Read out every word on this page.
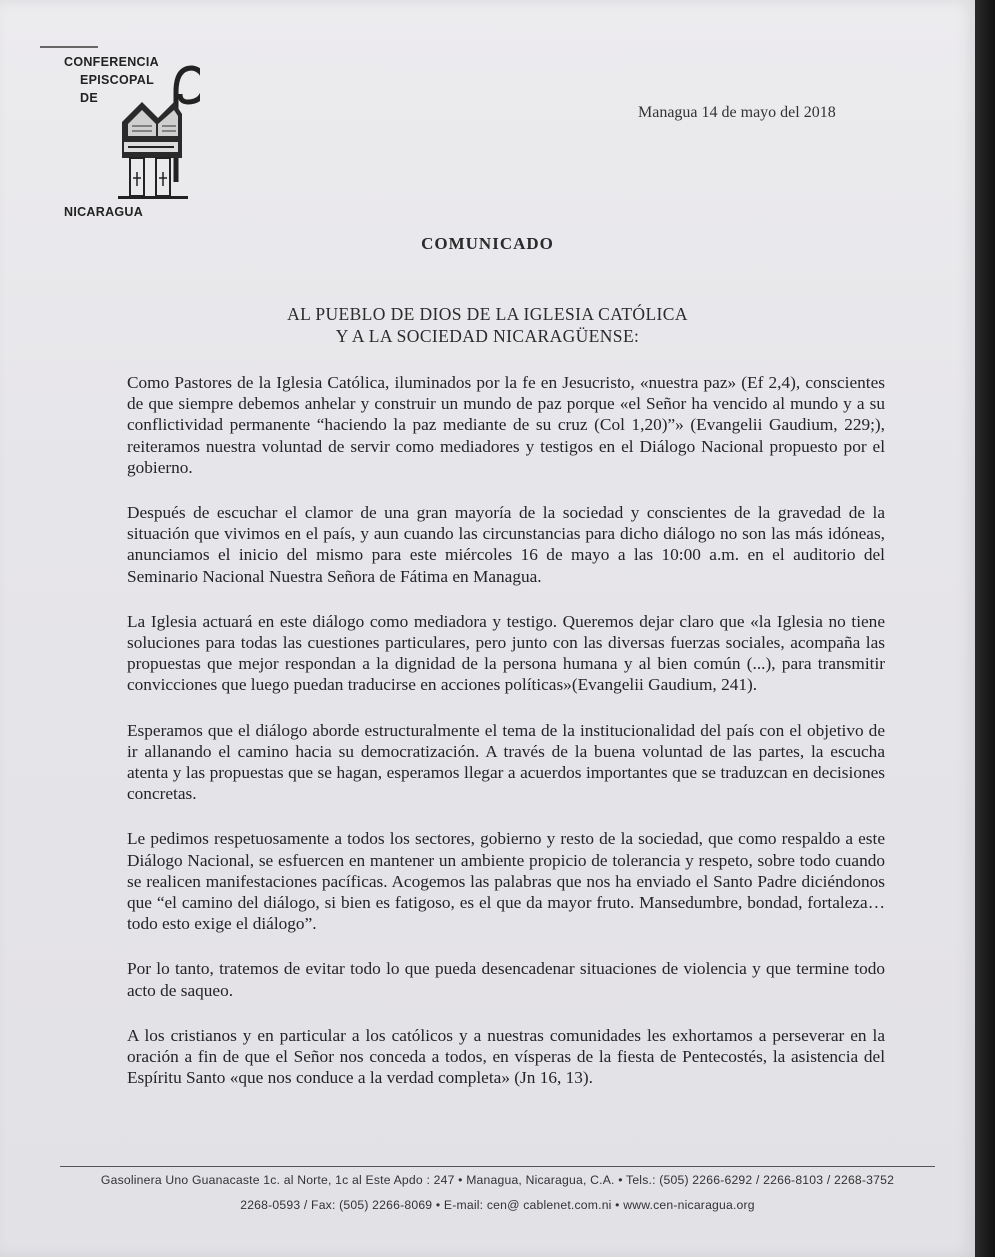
CONFERENCIA
EPISCOPAL
DE
NICARAGUA
Managua 14 de mayo del 2018
COMUNICADO
AL PUEBLO DE DIOS DE LA IGLESIA CATÓLICA
Y A LA SOCIEDAD NICARAGÜENSE:

Como Pastores de la Iglesia Católica, iluminados por la fe en Jesucristo, «nuestra paz» (Ef 2,4), conscientes de que siempre debemos anhelar y construir un mundo de paz porque «el Señor ha vencido al mundo y a su conflictividad permanente “haciendo la paz mediante de su cruz (Col 1,20)”» (Evangelii Gaudium, 229;), reiteramos nuestra voluntad de servir como mediadores y testigos en el Diálogo Nacional propuesto por el gobierno.

Después de escuchar el clamor de una gran mayoría de la sociedad y conscientes de la gravedad de la situación que vivimos en el país, y aun cuando las circunstancias para dicho diálogo no son las más idóneas, anunciamos el inicio del mismo para este miércoles 16 de mayo a las 10:00 a.m. en el auditorio del Seminario Nacional Nuestra Señora de Fátima en Managua.

La Iglesia actuará en este diálogo como mediadora y testigo. Queremos dejar claro que «la Iglesia no tiene soluciones para todas las cuestiones particulares, pero junto con las diversas fuerzas sociales, acompaña las propuestas que mejor respondan a la dignidad de la persona humana y al bien común (...), para transmitir convicciones que luego puedan traducirse en acciones políticas»(Evangelii Gaudium, 241).

Esperamos que el diálogo aborde estructuralmente el tema de la institucionalidad del país con el objetivo de ir allanando el camino hacia su democratización. A través de la buena voluntad de las partes, la escucha atenta y las propuestas que se hagan, esperamos llegar a acuerdos importantes que se traduzcan en decisiones concretas.

Le pedimos respetuosamente a todos los sectores, gobierno y resto de la sociedad, que como respaldo a este Diálogo Nacional, se esfuercen en mantener un ambiente propicio de tolerancia y respeto, sobre todo cuando se realicen manifestaciones pacíficas. Acogemos las palabras que nos ha enviado el Santo Padre diciéndonos que “el camino del diálogo, si bien es fatigoso, es el que da mayor fruto. Mansedumbre, bondad, fortaleza… todo esto exige el diálogo”.

Por lo tanto, tratemos de evitar todo lo que pueda desencadenar situaciones de violencia y que termine todo acto de saqueo.

A los cristianos y en particular a los católicos y a nuestras comunidades les exhortamos a perseverar en la oración a fin de que el Señor nos conceda a todos, en vísperas de la fiesta de Pentecostés, la asistencia del Espíritu Santo «que nos conduce a la verdad completa» (Jn 16, 13).

Gasolinera Uno Guanacaste 1c. al Norte, 1c al Este Apdo : 247 • Managua, Nicaragua, C.A. • Tels.: (505) 2266-6292 / 2266-8103 / 2268-3752
2268-0593 / Fax: (505) 2266-8069 • E-mail: cen@ cablenet.com.ni • www.cen-nicaragua.org
